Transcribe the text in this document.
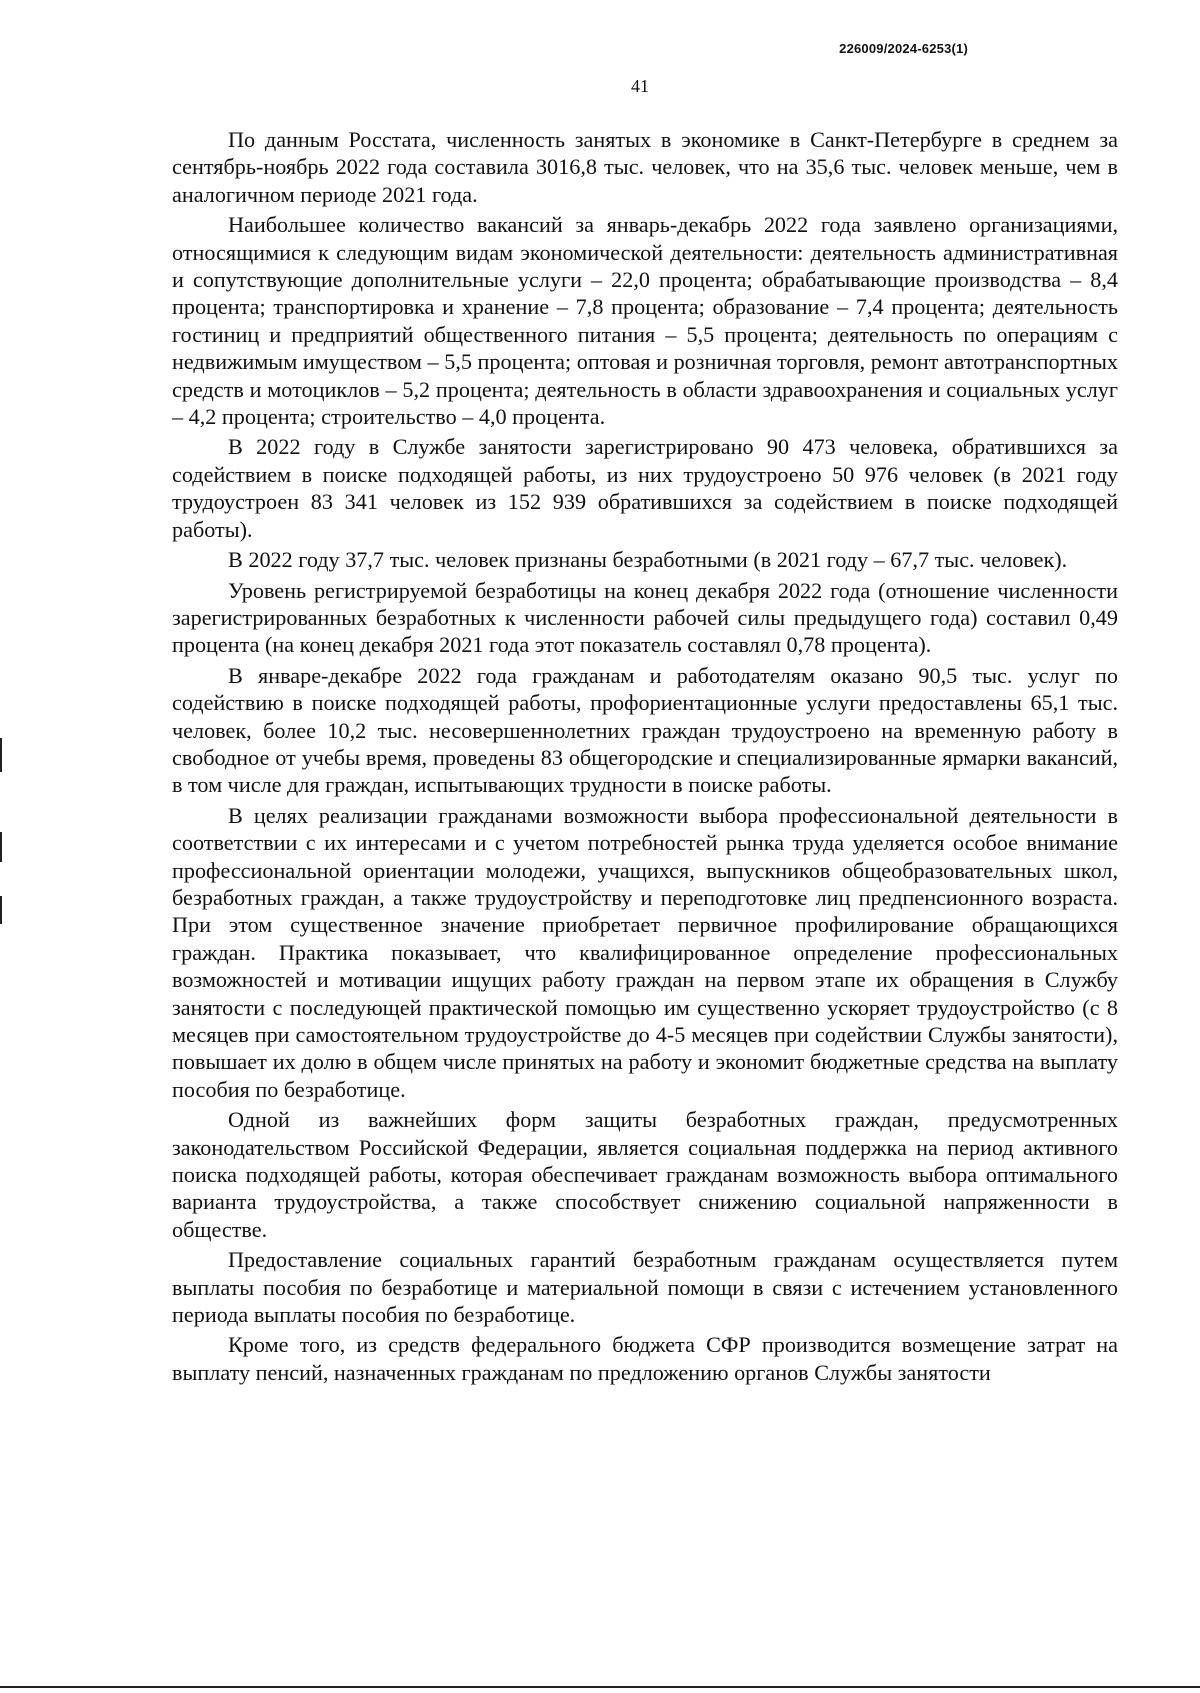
226009/2024-6253(1)
41

По данным Росстата, численность занятых в экономике в Санкт-Петербурге в среднем за сентябрь-ноябрь 2022 года составила 3016,8 тыс. человек, что на 35,6 тыс. человек меньше, чем в аналогичном периоде 2021 года.

Наибольшее количество вакансий за январь-декабрь 2022 года заявлено организациями, относящимися к следующим видам экономической деятельности: деятельность административная и сопутствующие дополнительные услуги – 22,0 процента; обрабатывающие производства – 8,4 процента; транспортировка и хранение – 7,8 процента; образование – 7,4 процента; деятельность гостиниц и предприятий общественного питания – 5,5 процента; деятельность по операциям с недвижимым имуществом – 5,5 процента; оптовая и розничная торговля, ремонт автотранспортных средств и мотоциклов – 5,2 процента; деятельность в области здравоохранения и социальных услуг – 4,2 процента; строительство – 4,0 процента.

В 2022 году в Службе занятости зарегистрировано 90 473 человека, обратившихся за содействием в поиске подходящей работы, из них трудоустроено 50 976 человек (в 2021 году трудоустроен 83 341 человек из 152 939 обратившихся за содействием в поиске подходящей работы).

В 2022 году 37,7 тыс. человек признаны безработными (в 2021 году – 67,7 тыс. человек).

Уровень регистрируемой безработицы на конец декабря 2022 года (отношение численности зарегистрированных безработных к численности рабочей силы предыдущего года) составил 0,49 процента (на конец декабря 2021 года этот показатель составлял 0,78 процента).

В январе-декабре 2022 года гражданам и работодателям оказано 90,5 тыс. услуг по содействию в поиске подходящей работы, профориентационные услуги предоставлены 65,1 тыс. человек, более 10,2 тыс. несовершеннолетних граждан трудоустроено на временную работу в свободное от учебы время, проведены 83 общегородские и специализированные ярмарки вакансий, в том числе для граждан, испытывающих трудности в поиске работы.

В целях реализации гражданами возможности выбора профессиональной деятельности в соответствии с их интересами и с учетом потребностей рынка труда уделяется особое внимание профессиональной ориентации молодежи, учащихся, выпускников общеобразовательных школ, безработных граждан, а также трудоустройству и переподготовке лиц предпенсионного возраста. При этом существенное значение приобретает первичное профилирование обращающихся граждан. Практика показывает, что квалифицированное определение профессиональных возможностей и мотивации ищущих работу граждан на первом этапе их обращения в Службу занятости с последующей практической помощью им существенно ускоряет трудоустройство (с 8 месяцев при самостоятельном трудоустройстве до 4-5 месяцев при содействии Службы занятости), повышает их долю в общем числе принятых на работу и экономит бюджетные средства на выплату пособия по безработице.

Одной из важнейших форм защиты безработных граждан, предусмотренных законодательством Российской Федерации, является социальная поддержка на период активного поиска подходящей работы, которая обеспечивает гражданам возможность выбора оптимального варианта трудоустройства, а также способствует снижению социальной напряженности в обществе.

Предоставление социальных гарантий безработным гражданам осуществляется путем выплаты пособия по безработице и материальной помощи в связи с истечением установленного периода выплаты пособия по безработице.

Кроме того, из средств федерального бюджета СФР производится возмещение затрат на выплату пенсий, назначенных гражданам по предложению органов Службы занятости
